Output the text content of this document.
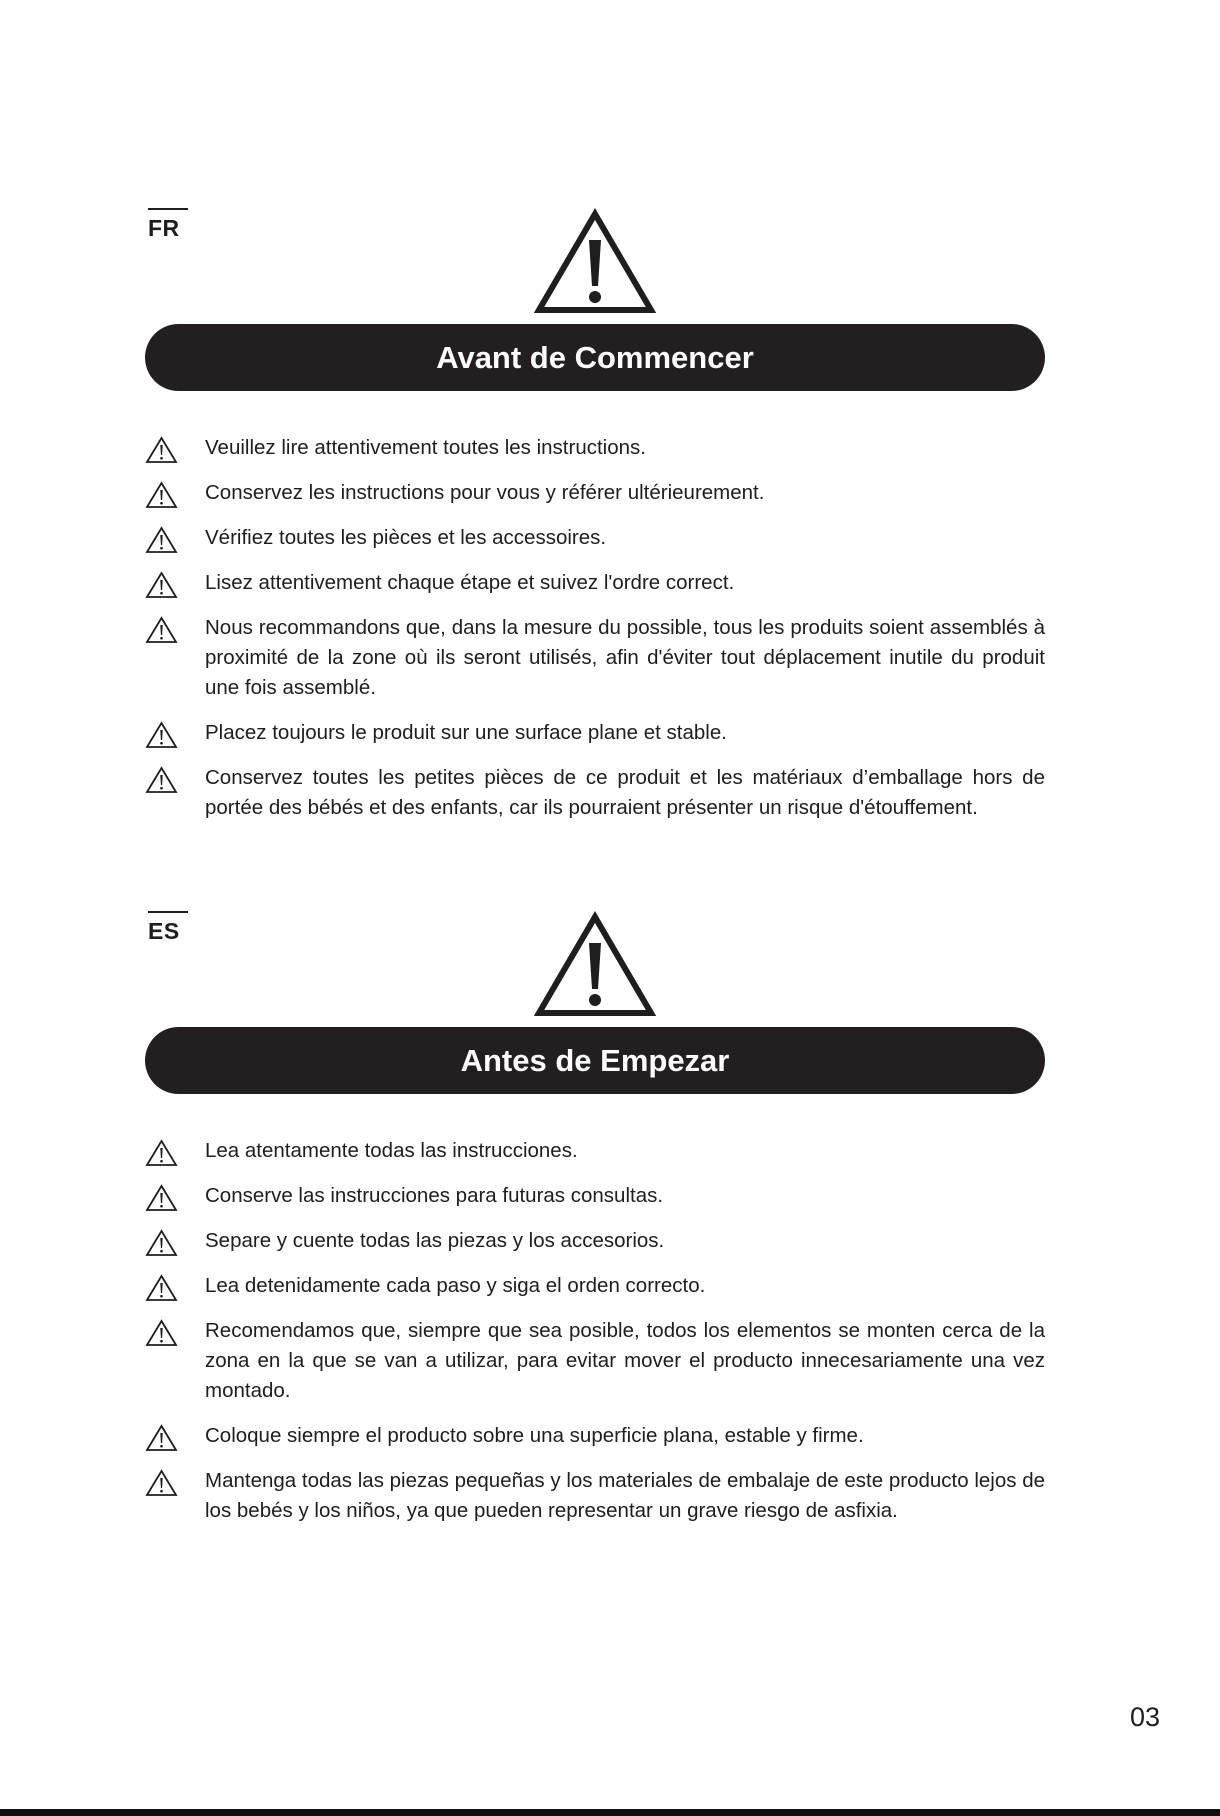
FR
Avant de Commencer
Veuillez lire attentivement toutes les instructions.
Conservez les instructions pour vous y référer ultérieurement.
Vérifiez toutes les pièces et les accessoires.
Lisez attentivement chaque étape et suivez l'ordre correct.
Nous recommandons que, dans la mesure du possible, tous les produits soient assemblés à proximité de la zone où ils seront utilisés, afin d'éviter tout déplacement inutile du produit une fois assemblé.
Placez toujours le produit sur une surface plane et stable.
Conservez toutes les petites pièces de ce produit et les matériaux d’emballage hors de portée des bébés et des enfants, car ils pourraient présenter un risque d'étouffement.
ES
Antes de Empezar
Lea atentamente todas las instrucciones.
Conserve las instrucciones para futuras consultas.
Separe y cuente todas las piezas y los accesorios.
Lea detenidamente cada paso y siga el orden correcto.
Recomendamos que, siempre que sea posible, todos los elementos se monten cerca de la zona en la que se van a utilizar, para evitar mover el producto innecesariamente una vez montado.
Coloque siempre el producto sobre una superficie plana, estable y firme.
Mantenga todas las piezas pequeñas y los materiales de embalaje de este producto lejos de los bebés y los niños, ya que pueden representar un grave riesgo de asfixia.
03
